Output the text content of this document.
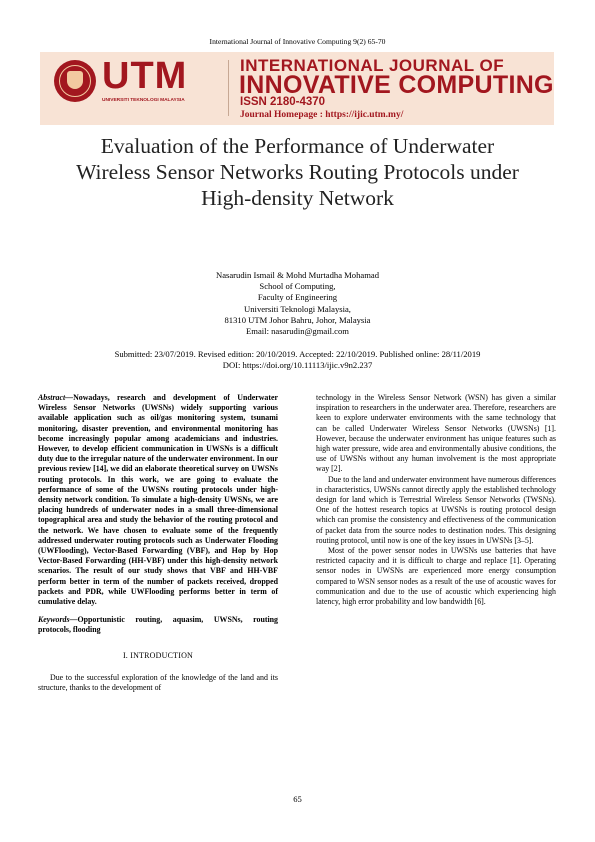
International Journal of Innovative Computing 9(2) 65-70
UTM
UNIVERSITI TEKNOLOGI MALAYSIA
INTERNATIONAL JOURNAL OF
INNOVATIVE COMPUTING
ISSN 2180-4370
Journal Homepage : https://ijic.utm.my/
Evaluation of the Performance of Underwater
Wireless Sensor Networks Routing Protocols under
High-density Network
Nasarudin Ismail & Mohd Murtadha Mohamad
School of Computing,
Faculty of Engineering
Universiti Teknologi Malaysia,
81310 UTM Johor Bahru, Johor, Malaysia
Email: nasarudin@gmail.com
Submitted: 23/07/2019. Revised edition: 20/10/2019. Accepted: 22/10/2019. Published online: 28/11/2019
DOI: https://doi.org/10.11113/ijic.v9n2.237

Abstract—Nowadays, research and development of Underwater Wireless Sensor Networks (UWSNs) widely supporting various available application such as oil/gas monitoring system, tsunami monitoring, disaster prevention, and environmental monitoring has become increasingly popular among academicians and industries. However, to develop efficient communication in UWSNs is a difficult duty due to the irregular nature of the underwater environment. In our previous review [14], we did an elaborate theoretical survey on UWSNs routing protocols. In this work, we are going to evaluate the performance of some of the UWSNs routing protocols under high-density network condition. To simulate a high-density UWSNs, we are placing hundreds of underwater nodes in a small three-dimensional topographical area and study the behavior of the routing protocol and the network. We have chosen to evaluate some of the frequently addressed underwater routing protocols such as Underwater Flooding (UWFlooding), Vector-Based Forwarding (VBF), and Hop by Hop Vector-Based Forwarding (HH-VBF) under this high-density network scenarios. The result of our study shows that VBF and HH-VBF perform better in term of the number of packets received, dropped packets and PDR, while UWFlooding performs better in term of cumulative delay.

Keywords—Opportunistic routing, aquasim, UWSNs, routing protocols, flooding

I. INTRODUCTION

Due to the successful exploration of the knowledge of the land and its structure, thanks to the development of

technology in the Wireless Sensor Network (WSN) has given a similar inspiration to researchers in the underwater area. Therefore, researchers are keen to explore underwater environments with the same technology that can be called Underwater Wireless Sensor Networks (UWSNs) [1]. However, because the underwater environment has unique features such as high water pressure, wide area and environmentally abusive conditions, the use of UWSNs without any human involvement is the most appropriate way [2].

Due to the land and underwater environment have numerous differences in characteristics, UWSNs cannot directly apply the established technology design for land which is Terrestrial Wireless Sensor Networks (TWSNs). One of the hottest research topics at UWSNs is routing protocol design which can promise the consistency and effectiveness of the communication of packet data from the source nodes to destination nodes. This designing routing protocol, until now is one of the key issues in UWSNs [3–5].

Most of the power sensor nodes in UWSNs use batteries that have restricted capacity and it is difficult to charge and replace [1]. Operating sensor nodes in UWSNs are experienced more energy consumption compared to WSN sensor nodes as a result of the use of acoustic waves for communication and due to the use of acoustic which experiencing high latency, high error probability and low bandwidth [6].

65
